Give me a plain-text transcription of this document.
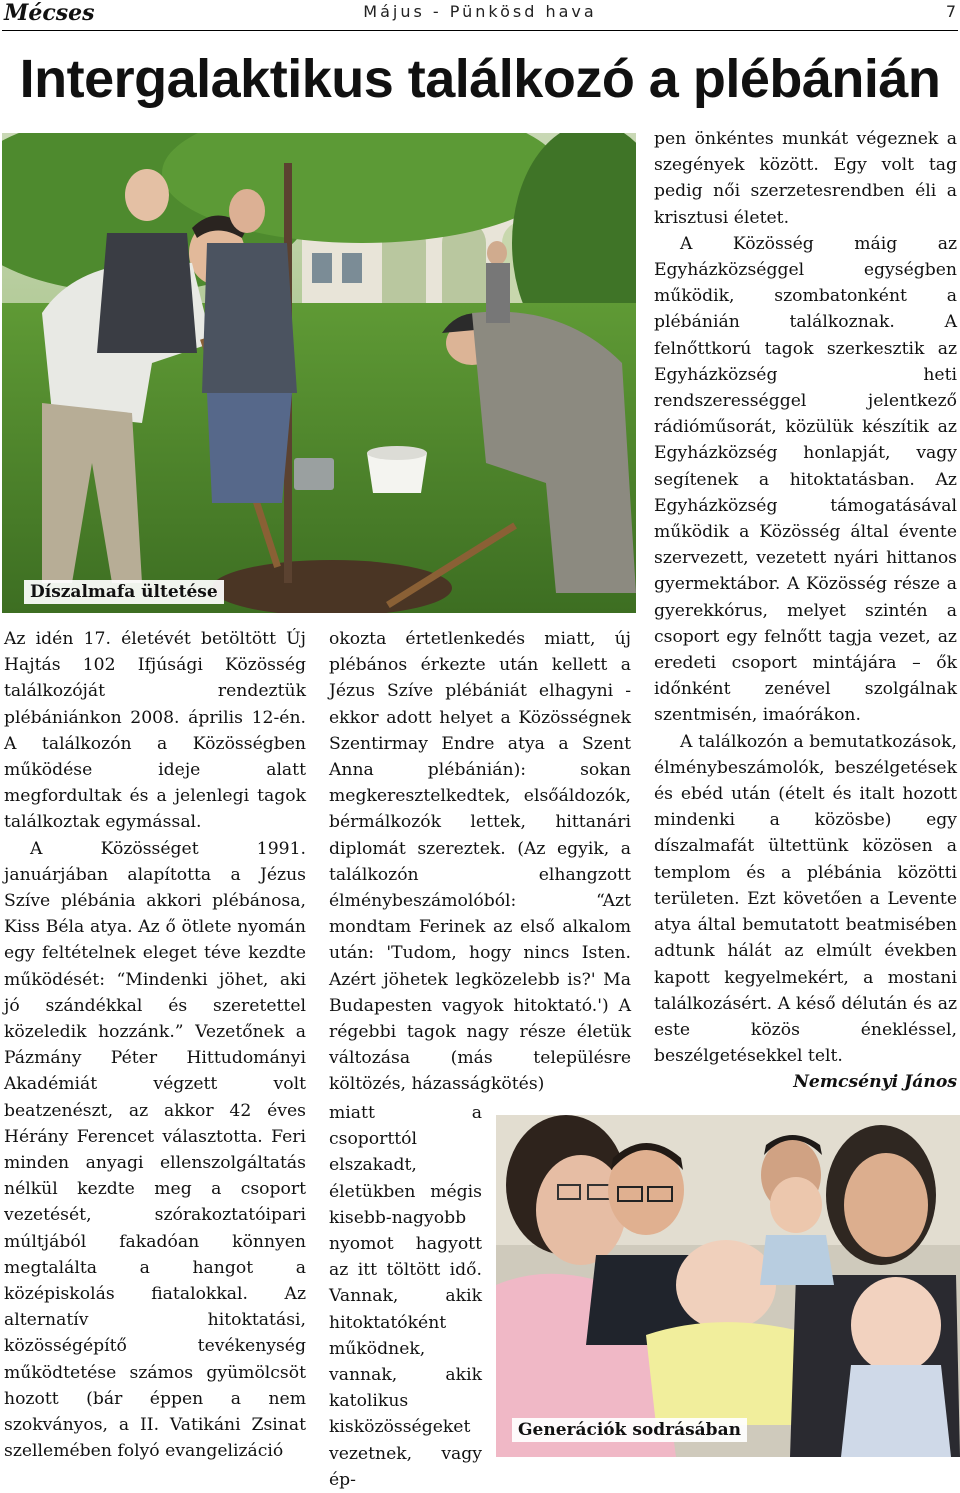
Mécses	Május - Pünkösd hava	7
Intergalaktikus találkozó a plébánián
Díszalmafa ültetése

Az idén 17. életévét betöltött Új Hajtás 102 Ifjúsági Közösség találkozóját rendeztük plébániánkon 2008. április 12-én. A találkozón a Közösségben működése ideje alatt megfordultak és a jelenlegi tagok találkoztak egymással.

A Közösséget 1991. januárjában alapította a Jézus Szíve plébánia akkori plébánosa, Kiss Béla atya. Az ő ötlete nyomán egy feltételnek eleget téve kezdte működését: “Mindenki jöhet, aki jó szándékkal és szeretettel közeledik hozzánk.” Vezetőnek a Pázmány Péter Hittudományi Akadémiát végzett volt beatzenészt, az akkor 42 éves Hérány Ferencet választotta. Feri minden anyagi ellenszolgáltatás nélkül kezdte meg a csoport vezetését, szórakoztatóipari múltjából fakadóan könnyen megtalálta a hangot a középiskolás fiatalokkal. Az alternatív hitoktatási, közösségépítő tevékenység működtetése számos gyümölcsöt hozott (bár éppen a nem szokványos, a II. Vatikáni Zsinat szellemében folyó evangelizáció

okozta értetlenkedés miatt, új plébános érkezte után kellett a Jézus Szíve plébániát elhagyni - ekkor adott helyet a Közösségnek Szentirmay Endre atya a Szent Anna plébánián): sokan megkeresztelkedtek, elsőáldozók, bérmálkozók lettek, hittanári diplomát szereztek. (Az egyik, a találkozón elhangzott élménybeszámolóból: “Azt mondtam Ferinek az első alkalom után: 'Tudom, hogy nincs Isten. Azért jöhetek legközelebb is?' Ma Budapesten vagyok hitoktató.') A régebbi tagok nagy része életük változása (más településre költözés, házasságkötés)

miatt a csoporttól elszakadt, életükben mégis kisebb-nagyobb nyomot hagyott az itt töltött idő. Vannak, akik hitoktatóként működnek, vannak, akik katolikus kisközösségeket vezetnek, vagy ép-

pen önkéntes munkát végeznek a szegények között. Egy volt tag pedig női szerzetesrendben éli a krisztusi életet.

A Közösség máig az Egyházközséggel egységben működik, szombatonként a plébánián találkoznak. A felnőttkorú tagok szerkesztik az Egyházközség heti rendszerességgel jelentkező rádióműsorát, közülük készítik az Egyházközség honlapját, vagy segítenek a hitoktatásban. Az Egyházközség támogatásával működik a Közösség által évente szervezett, vezetett nyári hittanos gyermektábor. A Közösség része a gyerekkórus, melyet szintén a csoport egy felnőtt tagja vezet, az eredeti csoport mintájára – ők időnként zenével szolgálnak szentmisén, imaórákon.

A találkozón a bemutatkozások, élménybeszámolók, beszélgetések és ebéd után (ételt és italt hozott mindenki a közösbe) egy díszalmafát ültettünk közösen a templom és a plébánia közötti területen. Ezt követően a Levente atya által bemutatott beatmisében adtunk hálát az elmúlt években kapott kegyelmekért, a mostani találkozásért. A késő délután és az este közös énekléssel, beszélgetésekkel telt.

Nemcsényi János

Generációk sodrásában
